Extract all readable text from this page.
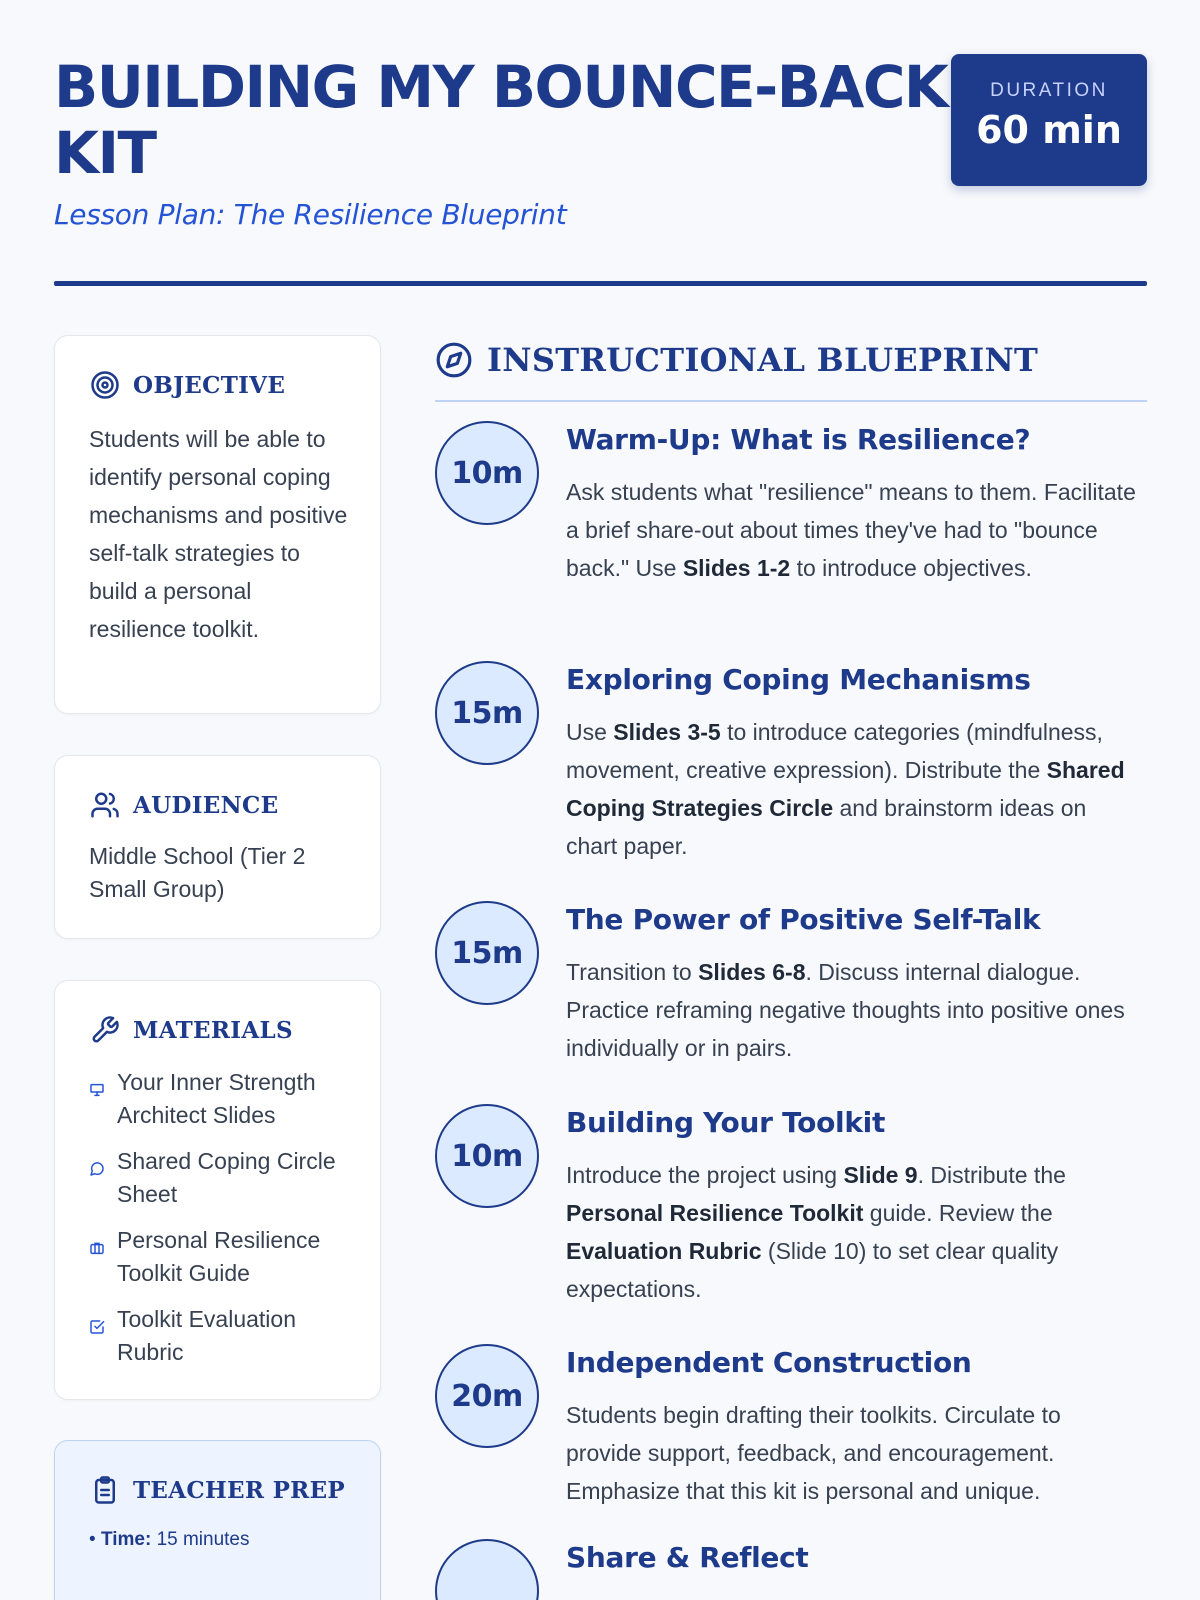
BUILDING MY BOUNCE-BACK KIT
Lesson Plan: The Resilience Blueprint
DURATION
60 min
OBJECTIVE

Students will be able to identify personal coping mechanisms and positive self-talk strategies to build a personal resilience toolkit.

AUDIENCE

Middle School (Tier 2 Small Group)

MATERIALS
Your Inner Strength Architect Slides
Shared Coping Circle Sheet
Personal Resilience Toolkit Guide
Toolkit Evaluation Rubric
TEACHER PREP
• Time: 15 minutes
INSTRUCTIONAL BLUEPRINT
10m
Warm-Up: What is Resilience?

Ask students what "resilience" means to them. Facilitate a brief share-out about times they've had to "bounce back." Use Slides 1-2 to introduce objectives.

15m
Exploring Coping Mechanisms

Use Slides 3-5 to introduce categories (mindfulness, movement, creative expression). Distribute the Shared Coping Strategies Circle and brainstorm ideas on chart paper.

15m
The Power of Positive Self-Talk

Transition to Slides 6-8. Discuss internal dialogue. Practice reframing negative thoughts into positive ones individually or in pairs.

10m
Building Your Toolkit

Introduce the project using Slide 9. Distribute the Personal Resilience Toolkit guide. Review the Evaluation Rubric (Slide 10) to set clear quality expectations.

20m
Independent Construction

Students begin drafting their toolkits. Circulate to provide support, feedback, and encouragement. Emphasize that this kit is personal and unique.

Share & Reflect
